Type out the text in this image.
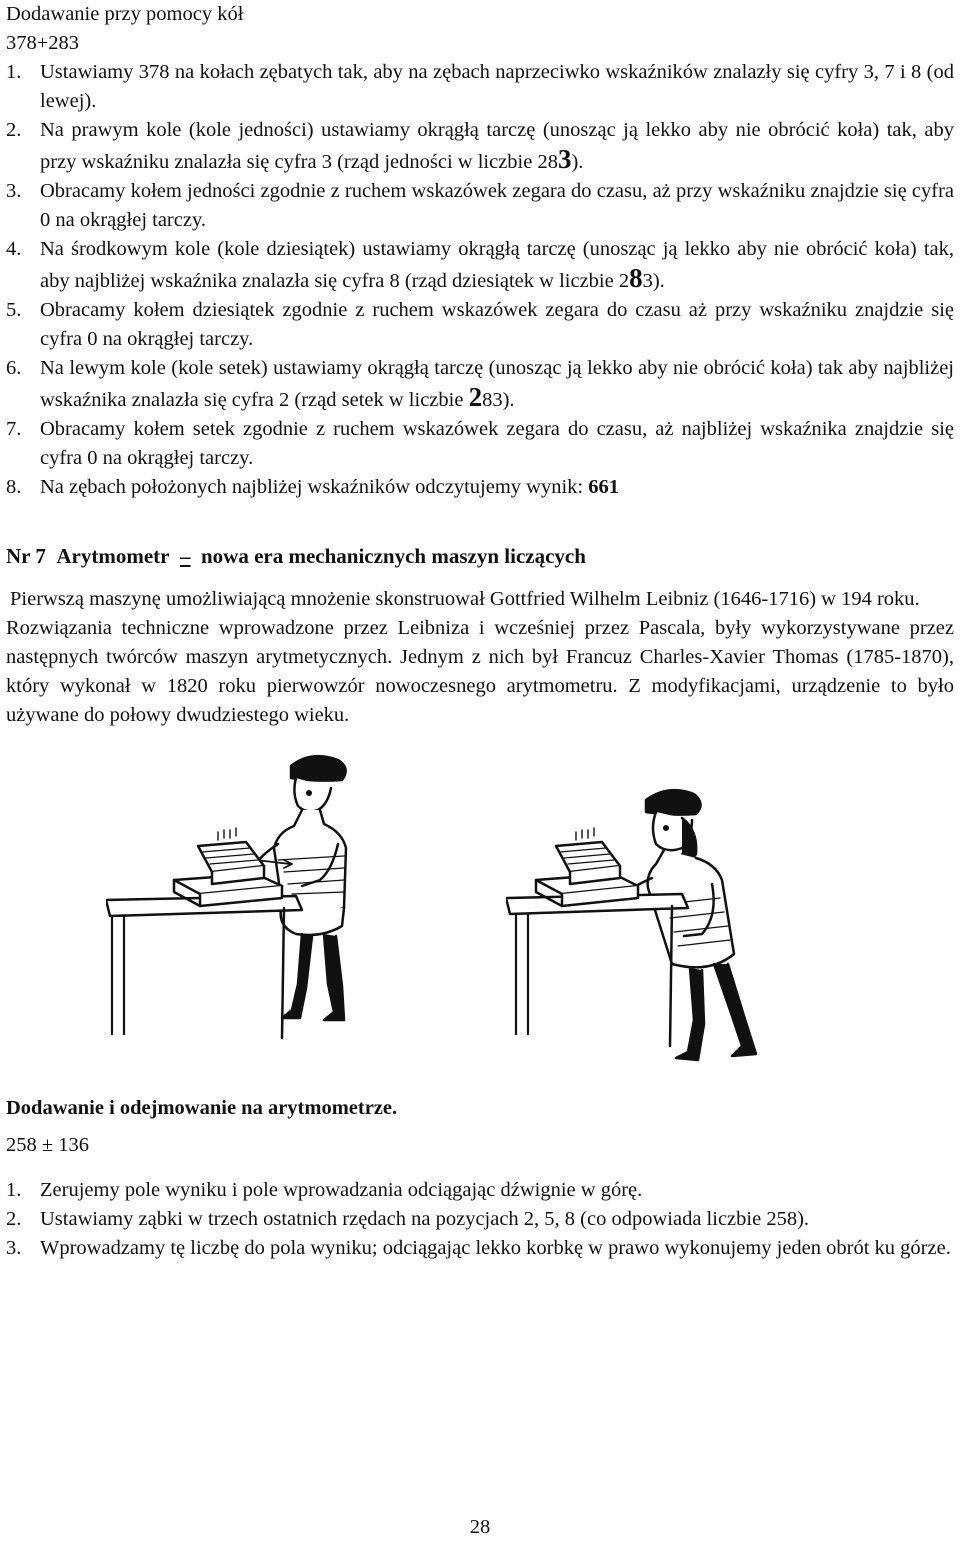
Dodawanie przy pomocy kół
378+283
1. Ustawiamy 378 na kołach zębatych tak, aby na zębach naprzeciwko wskaźników znalazły się cyfry 3, 7 i 8 (od lewej).
2. Na prawym kole (kole jedności) ustawiamy okrągłą tarczę (unosząc ją lekko aby nie obrócić koła) tak, aby przy wskaźniku znalazła się cyfra 3 (rząd jedności w liczbie 283).
3. Obracamy kołem jedności zgodnie z ruchem wskazówek zegara do czasu, aż przy wskaźniku znajdzie się cyfra 0 na okrągłej tarczy.
4. Na środkowym kole (kole dziesiątek) ustawiamy okrągłą tarczę (unosząc ją lekko aby nie obrócić koła) tak, aby najbliżej wskaźnika znalazła się cyfra 8 (rząd dziesiątek w liczbie 283).
5. Obracamy kołem dziesiątek zgodnie z ruchem wskazówek zegara do czasu aż przy wskaźniku znajdzie się cyfra 0 na okrągłej tarczy.
6. Na lewym kole (kole setek) ustawiamy okrągłą tarczę (unosząc ją lekko aby nie obrócić koła) tak aby najbliżej wskaźnika znalazła się cyfra 2 (rząd setek w liczbie 283).
7. Obracamy kołem setek zgodnie z ruchem wskazówek zegara do czasu, aż najbliżej wskaźnika znajdzie się cyfra 0 na okrągłej tarczy.
8. Na zębach położonych najbliżej wskaźników odczytujemy wynik: 661
Nr 7 Arytmometr – nowa era mechanicznych maszyn liczących
Pierwszą maszynę umożliwiającą mnożenie skonstruował Gottfried Wilhelm Leibniz (1646-1716) w 194 roku.
Rozwiązania techniczne wprowadzone przez Leibniza i wcześniej przez Pascala, były wykorzystywane przez następnych twórców maszyn arytmetycznych. Jednym z nich był Francuz Charles-Xavier Thomas (1785-1870), który wykonał w 1820 roku pierwowzór nowoczesnego arytmometru. Z modyfikacjami, urządzenie to było używane do połowy dwudziestego wieku.
Dodawanie i odejmowanie na arytmometrze.
258 ± 136
1. Zerujemy pole wyniku i pole wprowadzania odciągając dźwignie w górę.
2. Ustawiamy ząbki w trzech ostatnich rzędach na pozycjach 2, 5, 8 (co odpowiada liczbie 258).
3. Wprowadzamy tę liczbę do pola wyniku; odciągając lekko korbkę w prawo wykonujemy jeden obrót ku górze.
28
